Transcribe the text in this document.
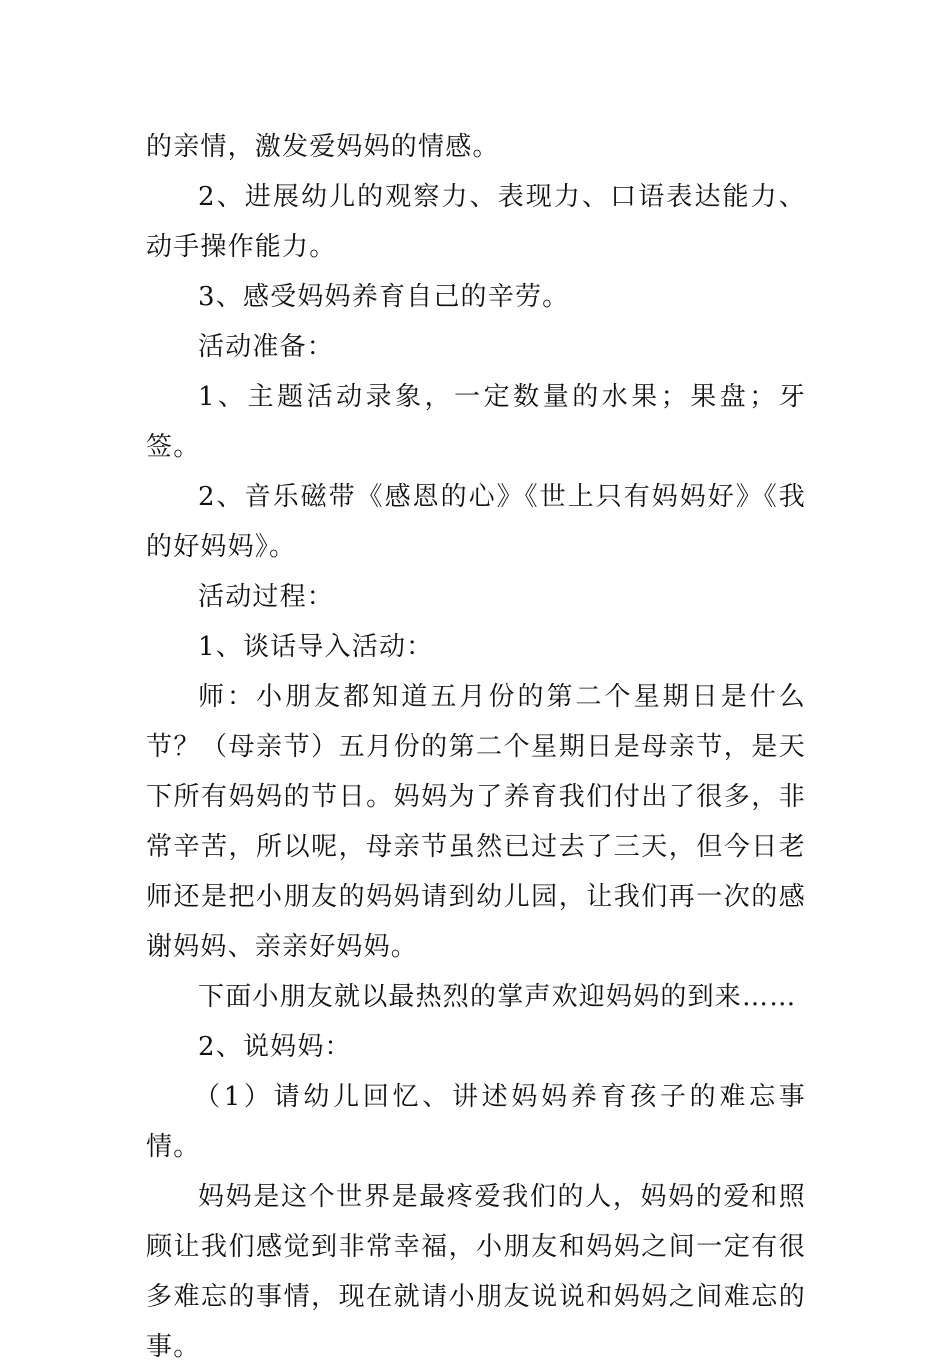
的亲情，激发爱妈妈的情感。

2、进展幼儿的观察力、表现力、口语表达能力、动手操作能力。

3、感受妈妈养育自己的辛劳。

活动准备：

1、主题活动录象，一定数量的水果；果盘；牙签。

2、音乐磁带《感恩的心》《世上只有妈妈好》《我的好妈妈》。

活动过程：

1、谈话导入活动：

师：小朋友都知道五月份的第二个星期日是什么节？（母亲节）五月份的第二个星期日是母亲节，是天下所有妈妈的节日。妈妈为了养育我们付出了很多，非常辛苦，所以呢，母亲节虽然已过去了三天，但今日老师还是把小朋友的妈妈请到幼儿园，让我们再一次的感谢妈妈、亲亲好妈妈。

下面小朋友就以最热烈的掌声欢迎妈妈的到来……

2、说妈妈：

（1）请幼儿回忆、讲述妈妈养育孩子的难忘事情。

妈妈是这个世界是最疼爱我们的人，妈妈的爱和照顾让我们感觉到非常幸福，小朋友和妈妈之间一定有很多难忘的事情，现在就请小朋友说说和妈妈之间难忘的事。
